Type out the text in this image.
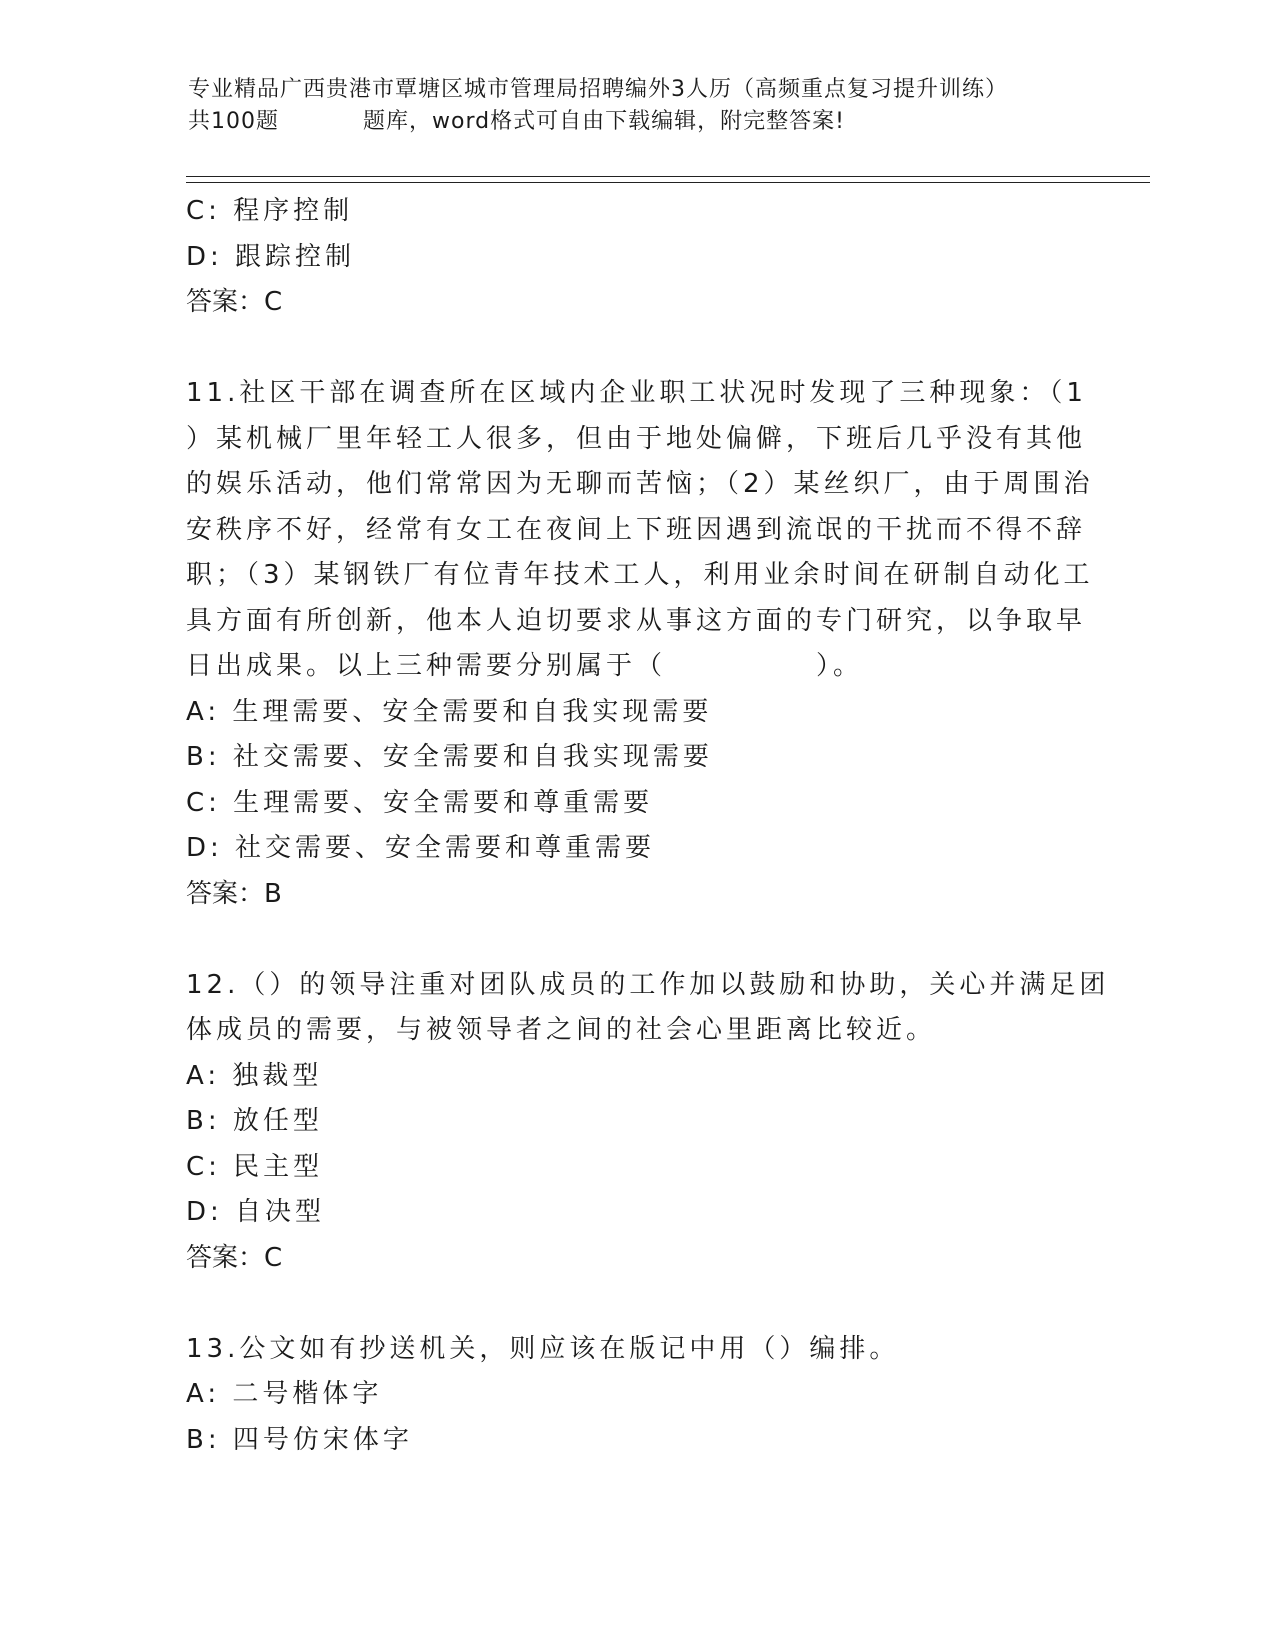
专业精品广西贵港市覃塘区城市管理局招聘编外3人历（高频重点复习提升训练）
共100题	题库，word格式可自由下载编辑，附完整答案!
C: 程序控制
D: 跟踪控制
答案：C
11.社区干部在调查所在区域内企业职工状况时发现了三种现象：（1
）某机械厂里年轻工人很多，但由于地处偏僻，下班后几乎没有其他
的娱乐活动，他们常常因为无聊而苦恼；（2）某丝织厂，由于周围治
安秩序不好，经常有女工在夜间上下班因遇到流氓的干扰而不得不辞
职；（3）某钢铁厂有位青年技术工人，利用业余时间在研制自动化工
具方面有所创新，他本人迫切要求从事这方面的专门研究，以争取早
日出成果。以上三种需要分别属于（　　　　　）。
A: 生理需要、安全需要和自我实现需要
B: 社交需要、安全需要和自我实现需要
C: 生理需要、安全需要和尊重需要
D: 社交需要、安全需要和尊重需要
答案：B
12.（）的领导注重对团队成员的工作加以鼓励和协助，关心并满足团
体成员的需要，与被领导者之间的社会心里距离比较近。
A: 独裁型
B: 放任型
C: 民主型
D: 自决型
答案：C
13.公文如有抄送机关，则应该在版记中用（）编排。
A: 二号楷体字
B: 四号仿宋体字
